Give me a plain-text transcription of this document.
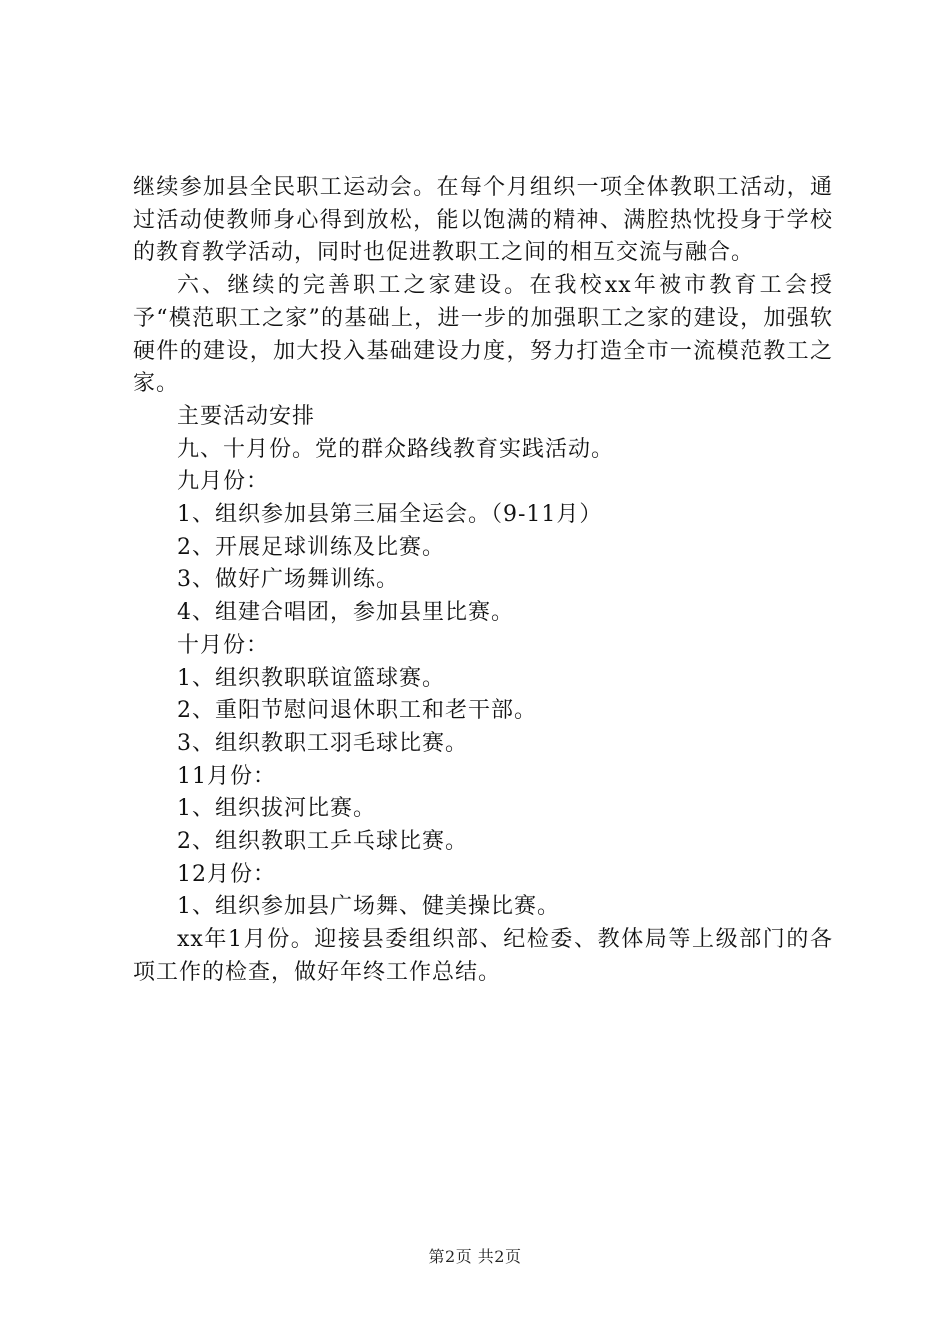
继续参加县全民职工运动会。在每个月组织一项全体教职工活动，通过活动使教师身心得到放松，能以饱满的精神、满腔热忱投身于学校的教育教学活动，同时也促进教职工之间的相互交流与融合。

六、继续的完善职工之家建设。在我校xx年被市教育工会授予“模范职工之家”的基础上，进一步的加强职工之家的建设，加强软硬件的建设，加大投入基础建设力度，努力打造全市一流模范教工之家。

主要活动安排

九、十月份。党的群众路线教育实践活动。

九月份：

1、组织参加县第三届全运会。（9-11月）

2、开展足球训练及比赛。

3、做好广场舞训练。

4、组建合唱团，参加县里比赛。

十月份：

1、组织教职联谊篮球赛。

2、重阳节慰问退休职工和老干部。

3、组织教职工羽毛球比赛。

11月份：

1、组织拔河比赛。

2、组织教职工乒乓球比赛。

12月份：

1、组织参加县广场舞、健美操比赛。

xx年1月份。迎接县委组织部、纪检委、教体局等上级部门的各项工作的检查，做好年终工作总结。

第2页 共2页
